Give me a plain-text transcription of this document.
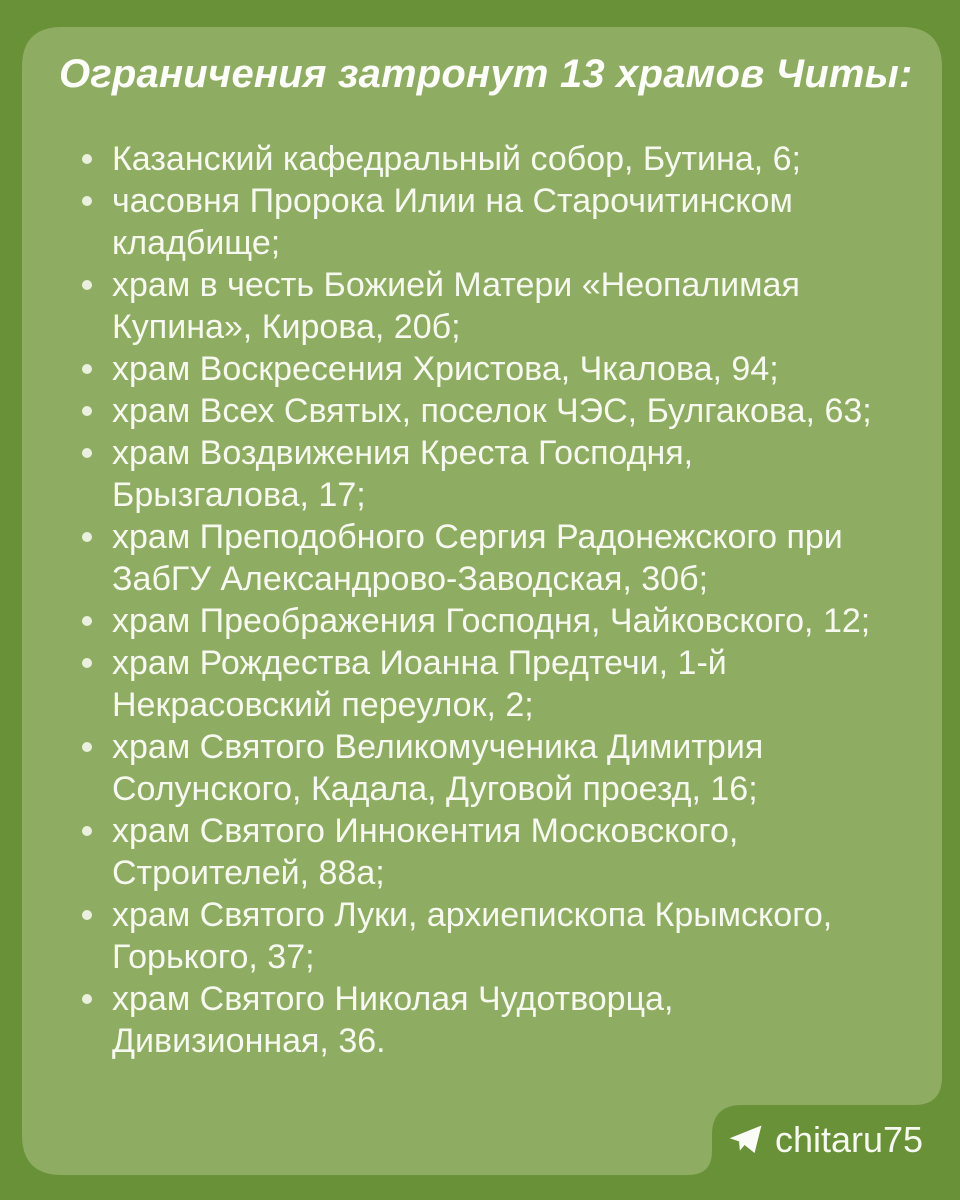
Ограничения затронут 13 храмов Читы:
Казанский кафедральный собор, Бутина, 6;
часовня Пророка Илии на Старочитинском кладбище;
храм в честь Божией Матери «Неопалимая Купина», Кирова, 20б;
храм Воскресения Христова, Чкалова, 94;
храм Всех Святых, поселок ЧЭС, Булгакова, 63;
храм Воздвижения Креста Господня, Брызгалова, 17;
храм Преподобного Сергия Радонежского при ЗабГУ Александрово-Заводская, 30б;
храм Преображения Господня, Чайковского, 12;
храм Рождества Иоанна Предтечи, 1-й Некрасовский переулок, 2;
храм Святого Великомученика Димитрия Солунского, Кадала, Дуговой проезд, 16;
храм Святого Иннокентия Московского, Строителей, 88а;
храм Святого Луки, архиепископа Крымского, Горького, 37;
храм Святого Николая Чудотворца, Дивизионная, 36.
chitaru75
